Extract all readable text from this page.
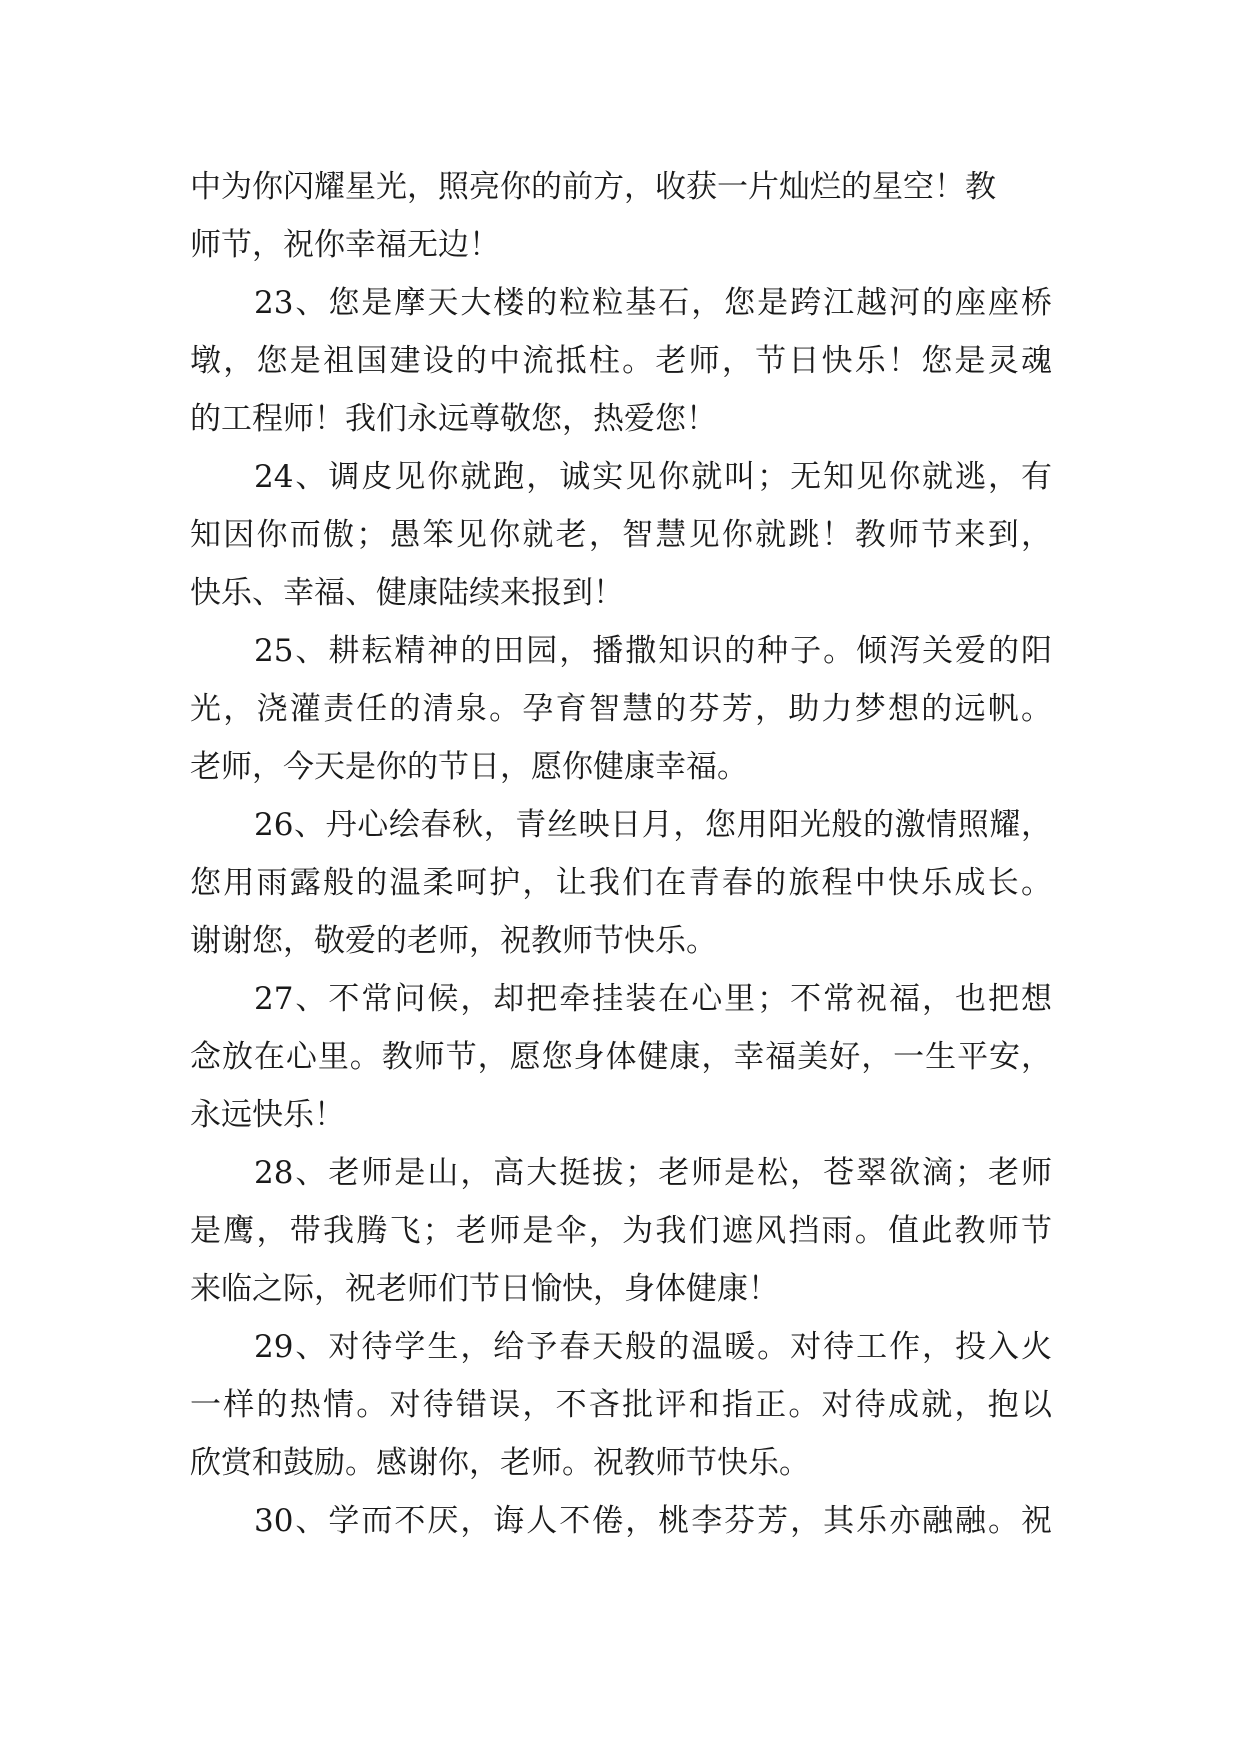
中为你闪耀星光，照亮你的前方，收获一片灿烂的星空！教
师节，祝你幸福无边！
23、您是摩天大楼的粒粒基石，您是跨江越河的座座桥
墩，您是祖国建设的中流抵柱。老师，节日快乐！您是灵魂
的工程师！我们永远尊敬您，热爱您！
24、调皮见你就跑，诚实见你就叫；无知见你就逃，有
知因你而傲；愚笨见你就老，智慧见你就跳！教师节来到，
快乐、幸福、健康陆续来报到！
25、耕耘精神的田园，播撒知识的种子。倾泻关爱的阳
光，浇灌责任的清泉。孕育智慧的芬芳，助力梦想的远帆。
老师，今天是你的节日，愿你健康幸福。
26、丹心绘春秋，青丝映日月，您用阳光般的激情照耀，
您用雨露般的温柔呵护，让我们在青春的旅程中快乐成长。
谢谢您，敬爱的老师，祝教师节快乐。
27、不常问候，却把牵挂装在心里；不常祝福，也把想
念放在心里。教师节，愿您身体健康，幸福美好，一生平安，
永远快乐！
28、老师是山，高大挺拔；老师是松，苍翠欲滴；老师
是鹰，带我腾飞；老师是伞，为我们遮风挡雨。值此教师节
来临之际，祝老师们节日愉快，身体健康！
29、对待学生，给予春天般的温暖。对待工作，投入火
一样的热情。对待错误，不吝批评和指正。对待成就，抱以
欣赏和鼓励。感谢你，老师。祝教师节快乐。
30、学而不厌，诲人不倦，桃李芬芳，其乐亦融融。祝
